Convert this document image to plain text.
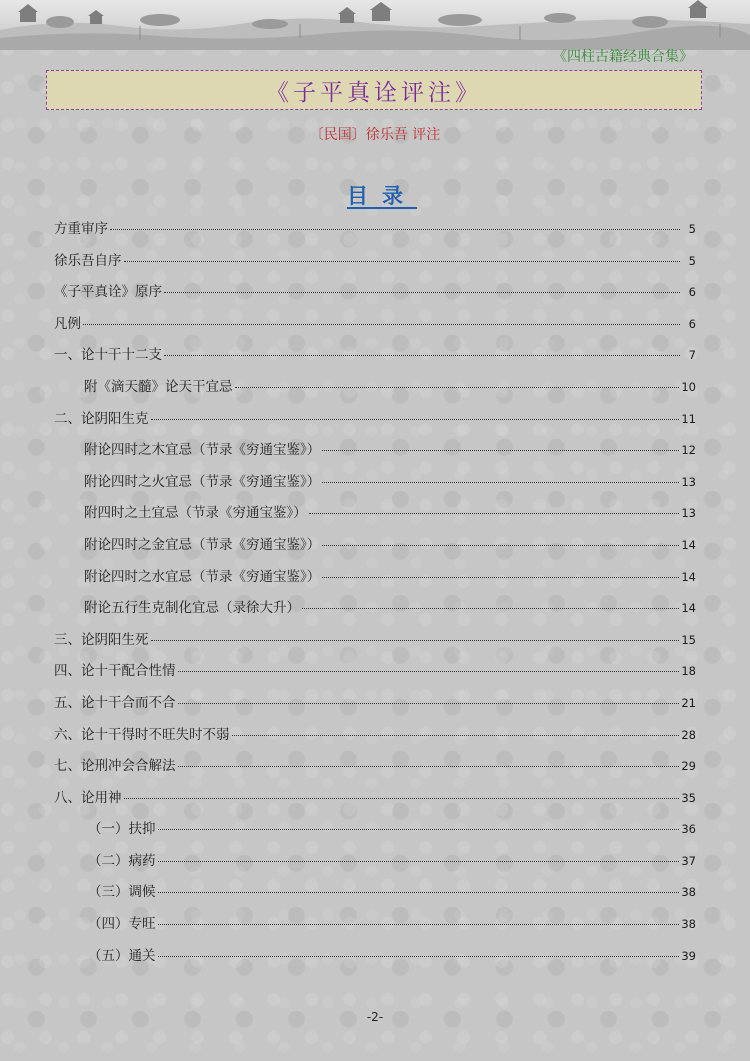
《四柱古籍经典合集》
《子平真诠评注》
〔民国〕徐乐吾 评注
目录
方重审序	5
徐乐吾自序	5
《子平真诠》原序	6
凡例	6
一、论十干十二支	7
附《滴天髓》论天干宜忌	10
二、论阴阳生克	11
附论四时之木宜忌（节录《穷通宝鉴》）	12
附论四时之火宜忌（节录《穷通宝鉴》）	13
附四时之土宜忌（节录《穷通宝鉴》）	13
附论四时之金宜忌（节录《穷通宝鉴》）	14
附论四时之水宜忌（节录《穷通宝鉴》）	14
附论五行生克制化宜忌（录徐大升）	14
三、论阴阳生死	15
四、论十干配合性情	18
五、论十干合而不合	21
六、论十干得时不旺失时不弱	28
七、论刑冲会合解法	29
八、论用神	35
（一）扶抑	36
（二）病药	37
（三）调候	38
（四）专旺	38
（五）通关	39
-2-
